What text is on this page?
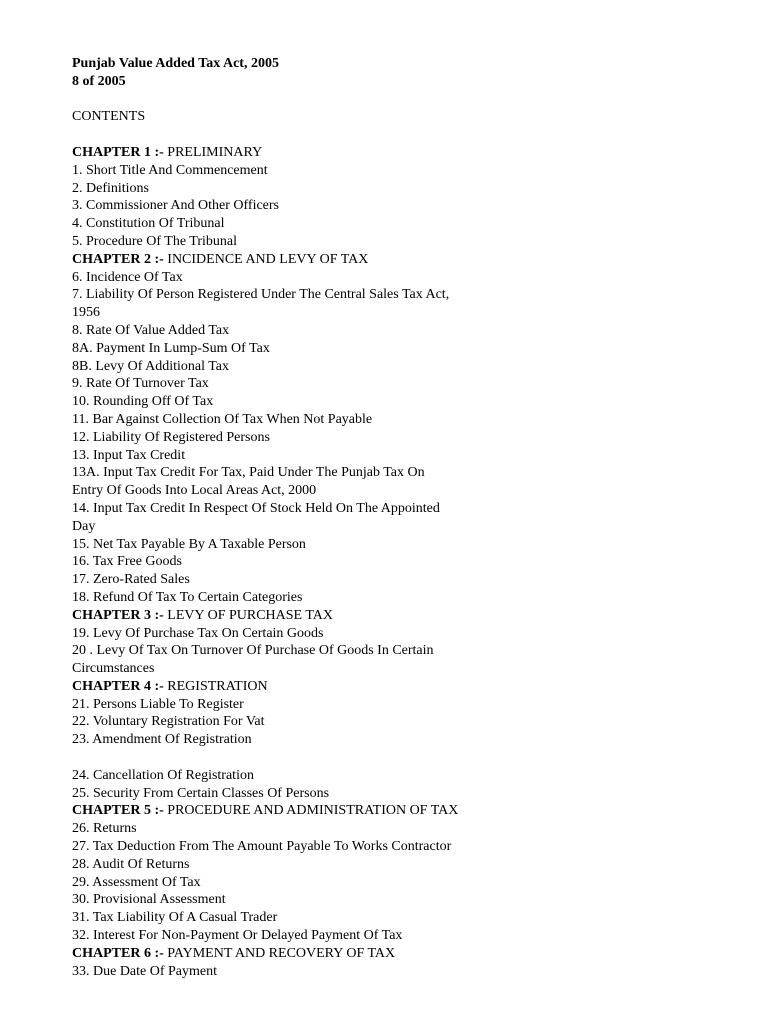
Punjab Value Added Tax Act, 2005
8 of 2005
CONTENTS
CHAPTER 1 :- PRELIMINARY
1. Short Title And Commencement
2. Definitions
3. Commissioner And Other Officers
4. Constitution Of Tribunal
5. Procedure Of The Tribunal
CHAPTER 2 :- INCIDENCE AND LEVY OF TAX
6. Incidence Of Tax
7. Liability Of Person Registered Under The Central Sales Tax Act,
1956
8. Rate Of Value Added Tax
8A. Payment In Lump-Sum Of Tax
8B. Levy Of Additional Tax
9. Rate Of Turnover Tax
10. Rounding Off Of Tax
11. Bar Against Collection Of Tax When Not Payable
12. Liability Of Registered Persons
13. Input Tax Credit
13A. Input Tax Credit For Tax, Paid Under The Punjab Tax On
Entry Of Goods Into Local Areas Act, 2000
14. Input Tax Credit In Respect Of Stock Held On The Appointed
Day
15. Net Tax Payable By A Taxable Person
16. Tax Free Goods
17. Zero-Rated Sales
18. Refund Of Tax To Certain Categories
CHAPTER 3 :- LEVY OF PURCHASE TAX
19. Levy Of Purchase Tax On Certain Goods
20 . Levy Of Tax On Turnover Of Purchase Of Goods In Certain
Circumstances
CHAPTER 4 :- REGISTRATION
21. Persons Liable To Register
22. Voluntary Registration For Vat
23. Amendment Of Registration
24. Cancellation Of Registration
25. Security From Certain Classes Of Persons
CHAPTER 5 :- PROCEDURE AND ADMINISTRATION OF TAX
26. Returns
27. Tax Deduction From The Amount Payable To Works Contractor
28. Audit Of Returns
29. Assessment Of Tax
30. Provisional Assessment
31. Tax Liability Of A Casual Trader
32. Interest For Non-Payment Or Delayed Payment Of Tax
CHAPTER 6 :- PAYMENT AND RECOVERY OF TAX
33. Due Date Of Payment
